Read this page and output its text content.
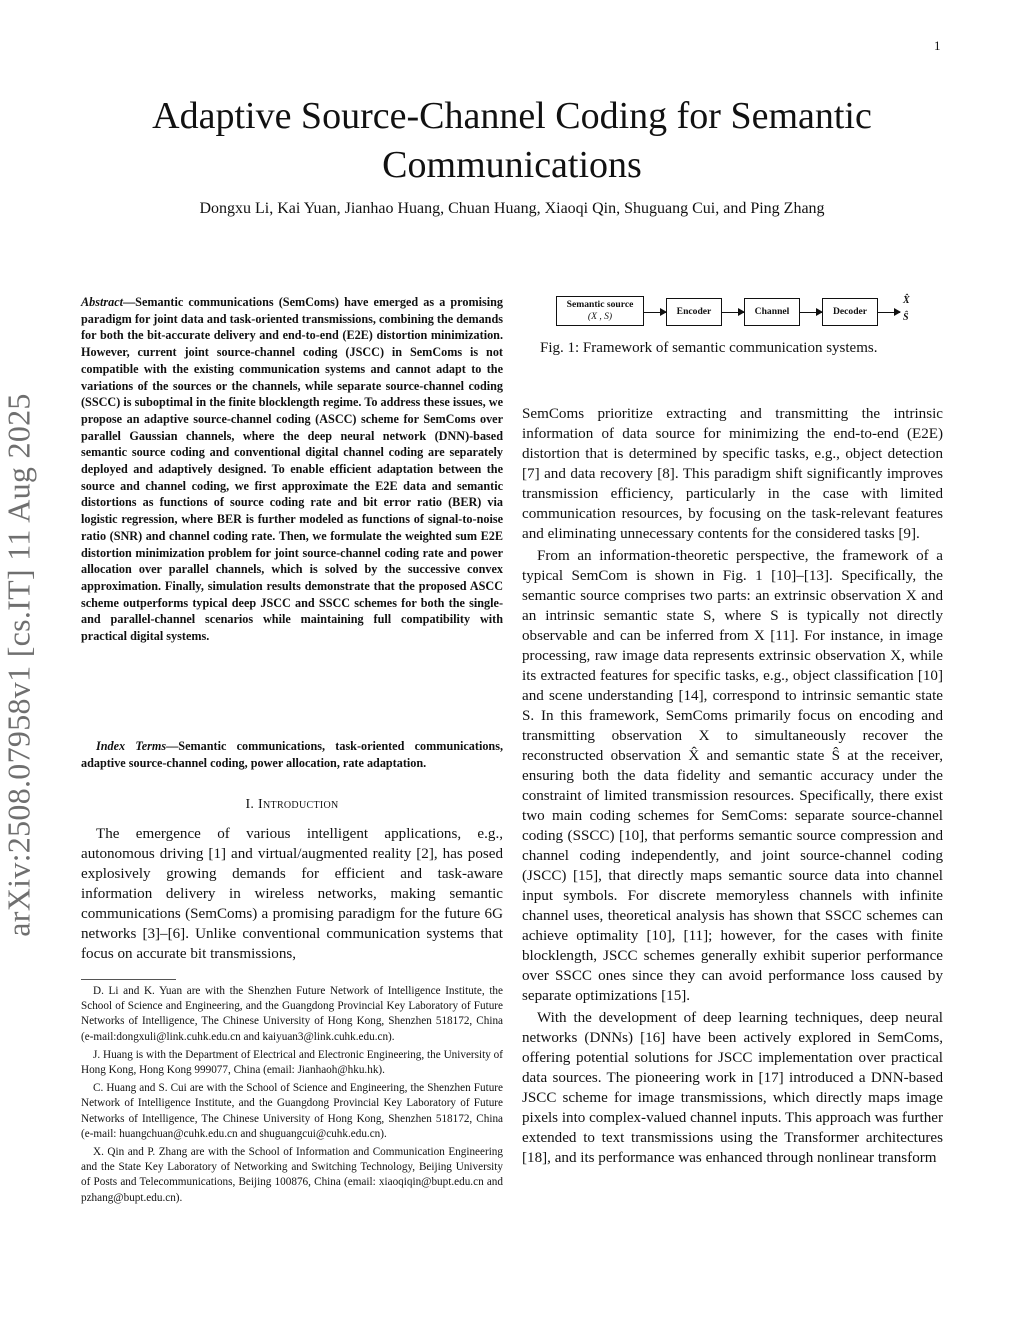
1
arXiv:2508.07958v1 [cs.IT] 11 Aug 2025
Adaptive Source-Channel Coding for Semantic Communications
Dongxu Li, Kai Yuan, Jianhao Huang, Chuan Huang, Xiaoqi Qin, Shuguang Cui, and Ping Zhang
Abstract—Semantic communications (SemComs) have emerged as a promising paradigm for joint data and task-oriented transmissions, combining the demands for both the bit-accurate delivery and end-to-end (E2E) distortion minimization. However, current joint source-channel coding (JSCC) in SemComs is not compatible with the existing communication systems and cannot adapt to the variations of the sources or the channels, while separate source-channel coding (SSCC) is suboptimal in the finite blocklength regime. To address these issues, we propose an adaptive source-channel coding (ASCC) scheme for SemComs over parallel Gaussian channels, where the deep neural network (DNN)-based semantic source coding and conventional digital channel coding are separately deployed and adaptively designed. To enable efficient adaptation between the source and channel coding, we first approximate the E2E data and semantic distortions as functions of source coding rate and bit error ratio (BER) via logistic regression, where BER is further modeled as functions of signal-to-noise ratio (SNR) and channel coding rate. Then, we formulate the weighted sum E2E distortion minimization problem for joint source-channel coding rate and power allocation over parallel channels, which is solved by the successive convex approximation. Finally, simulation results demonstrate that the proposed ASCC scheme outperforms typical deep JSCC and SSCC schemes for both the single- and parallel-channel scenarios while maintaining full compatibility with practical digital systems.
Index Terms—Semantic communications, task-oriented communications, adaptive source-channel coding, power allocation, rate adaptation.
I. Introduction

The emergence of various intelligent applications, e.g., autonomous driving [1] and virtual/augmented reality [2], has posed explosively growing demands for efficient and task-aware information delivery in wireless networks, making semantic communications (SemComs) a promising paradigm for the future 6G networks [3]–[6]. Unlike conventional communication systems that focus on accurate bit transmissions,

D. Li and K. Yuan are with the Shenzhen Future Network of Intelligence Institute, the School of Science and Engineering, and the Guangdong Provincial Key Laboratory of Future Networks of Intelligence, The Chinese University of Hong Kong, Shenzhen 518172, China (e-mail:dongxuli@link.cuhk.edu.cn and kaiyuan3@link.cuhk.edu.cn).

J. Huang is with the Department of Electrical and Electronic Engineering, the University of Hong Kong, Hong Kong 999077, China (email: Jianhaoh@hku.hk).

C. Huang and S. Cui are with the School of Science and Engineering, the Shenzhen Future Network of Intelligence Institute, and the Guangdong Provincial Key Laboratory of Future Networks of Intelligence, The Chinese University of Hong Kong, Shenzhen 518172, China (e-mail: huangchuan@cuhk.edu.cn and shuguangcui@cuhk.edu.cn).

X. Qin and P. Zhang are with the School of Information and Communication Engineering and the State Key Laboratory of Networking and Switching Technology, Beijing University of Posts and Telecommunications, Beijing 100876, China (email: xiaoqiqin@bupt.edu.cn and pzhang@bupt.edu.cn).

Semantic source
(X , S)	Encoder	Channel	Decoder
X̂
Ŝ
Fig. 1: Framework of semantic communication systems.

SemComs prioritize extracting and transmitting the intrinsic information of data source for minimizing the end-to-end (E2E) distortion that is determined by specific tasks, e.g., object detection [7] and data recovery [8]. This paradigm shift significantly improves transmission efficiency, particularly in the case with limited communication resources, by focusing on the task-relevant features and eliminating unnecessary contents for the considered tasks [9].

From an information-theoretic perspective, the framework of a typical SemCom is shown in Fig. 1 [10]–[13]. Specifically, the semantic source comprises two parts: an extrinsic observation X and an intrinsic semantic state S, where S is typically not directly observable and can be inferred from X [11]. For instance, in image processing, raw image data represents extrinsic observation X, while its extracted features for specific tasks, e.g., object classification [10] and scene understanding [14], correspond to intrinsic semantic state S. In this framework, SemComs primarily focus on encoding and transmitting observation X to simultaneously recover the reconstructed observation X̂ and semantic state Ŝ at the receiver, ensuring both the data fidelity and semantic accuracy under the constraint of limited transmission resources. Specifically, there exist two main coding schemes for SemComs: separate source-channel coding (SSCC) [10], that performs semantic source compression and channel coding independently, and joint source-channel coding (JSCC) [15], that directly maps semantic source data into channel input symbols. For discrete memoryless channels with infinite channel uses, theoretical analysis has shown that SSCC schemes can achieve optimality [10], [11]; however, for the cases with finite blocklength, JSCC schemes generally exhibit superior performance over SSCC ones since they can avoid performance loss caused by separate optimizations [15].

With the development of deep learning techniques, deep neural networks (DNNs) [16] have been actively explored in SemComs, offering potential solutions for JSCC implementation over practical data sources. The pioneering work in [17] introduced a DNN-based JSCC scheme for image transmissions, which directly maps image pixels into complex-valued channel inputs. This approach was further extended to text transmissions using the Transformer architectures [18], and its performance was enhanced through nonlinear transform
